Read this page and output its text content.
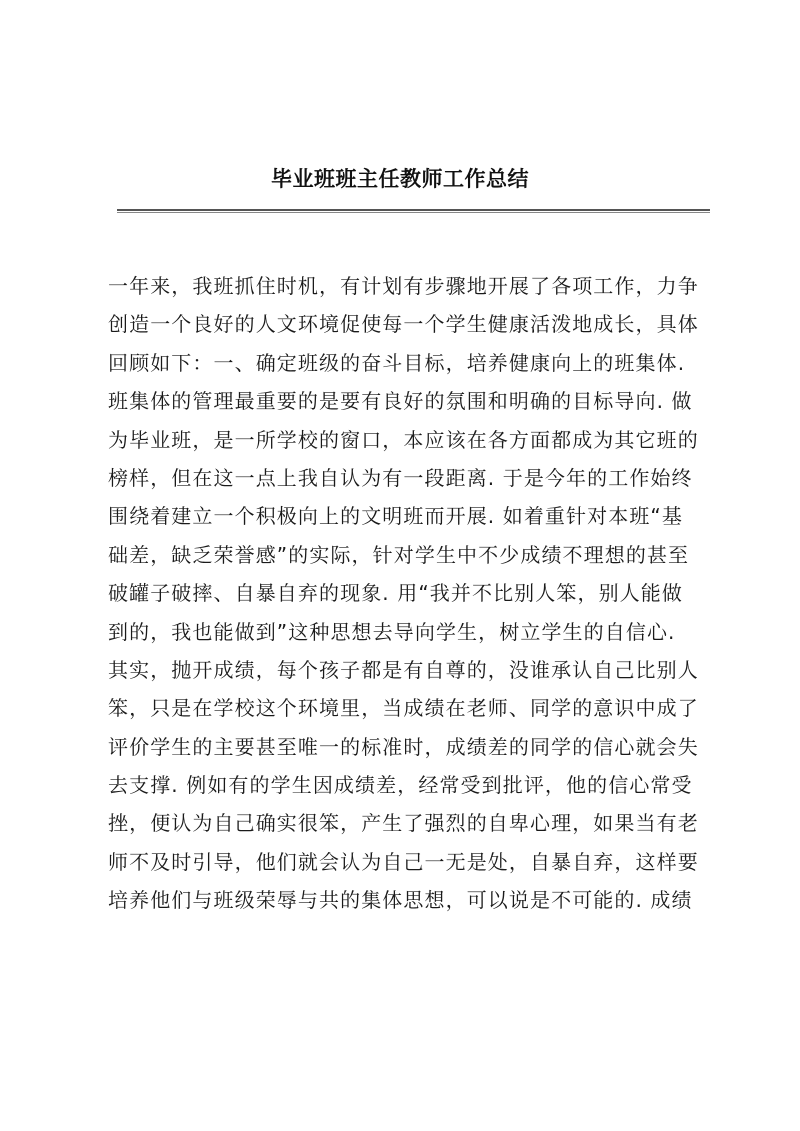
毕业班班主任教师工作总结
一年来，我班抓住时机，有计划有步骤地开展了各项工作，力争
创造一个良好的人文环境促使每一个学生健康活泼地成长，具体
回顾如下：一、确定班级的奋斗目标，培养健康向上的班集体.
班集体的管理最重要的是要有良好的氛围和明确的目标导向. 做
为毕业班，是一所学校的窗口，本应该在各方面都成为其它班的
榜样，但在这一点上我自认为有一段距离. 于是今年的工作始终
围绕着建立一个积极向上的文明班而开展. 如着重针对本班“基
础差，缺乏荣誉感”的实际，针对学生中不少成绩不理想的甚至
破罐子破摔、自暴自弃的现象. 用“我并不比别人笨，别人能做
到的，我也能做到”这种思想去导向学生，树立学生的自信心.
其实，抛开成绩，每个孩子都是有自尊的，没谁承认自己比别人
笨，只是在学校这个环境里，当成绩在老师、同学的意识中成了
评价学生的主要甚至唯一的标准时，成绩差的同学的信心就会失
去支撑. 例如有的学生因成绩差，经常受到批评，他的信心常受
挫，便认为自己确实很笨，产生了强烈的自卑心理，如果当有老
师不及时引导，他们就会认为自己一无是处，自暴自弃，这样要
培养他们与班级荣辱与共的集体思想，可以说是不可能的. 成绩
